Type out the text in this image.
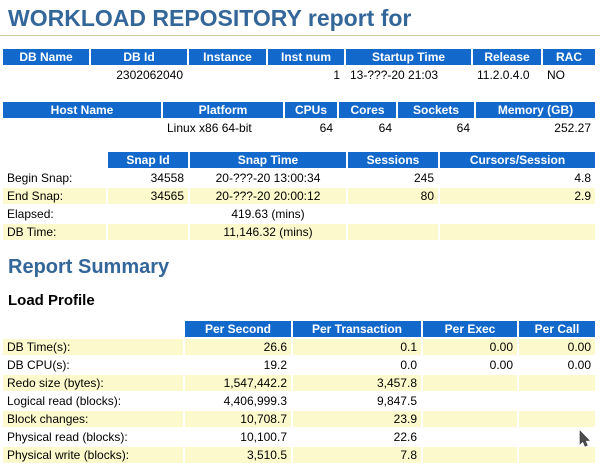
WORKLOAD REPOSITORY report for
DB Name	DB Id	Instance	Inst num	Startup Time	Release	RAC
	2302062040		1	13-???-20 21:03	11.2.0.4.0	NO
Host Name	Platform	CPUs	Cores	Sockets	Memory (GB)
	Linux x86 64-bit	64	64	64	252.27
	Snap Id	Snap Time	Sessions	Cursors/Session
Begin Snap:	34558	20-???-20 13:00:34	245	4.8
End Snap:	34565	20-???-20 20:00:12	80	2.9
Elapsed:		419.63 (mins)		
DB Time:		11,146.32 (mins)		
Report Summary
Load Profile
	Per Second	Per Transaction	Per Exec	Per Call
DB Time(s):	26.6	0.1	0.00	0.00
DB CPU(s):	19.2	0.0	0.00	0.00
Redo size (bytes):	1,547,442.2	3,457.8		
Logical read (blocks):	4,406,999.3	9,847.5		
Block changes:	10,708.7	23.9		
Physical read (blocks):	10,100.7	22.6		
Physical write (blocks):	3,510.5	7.8		
